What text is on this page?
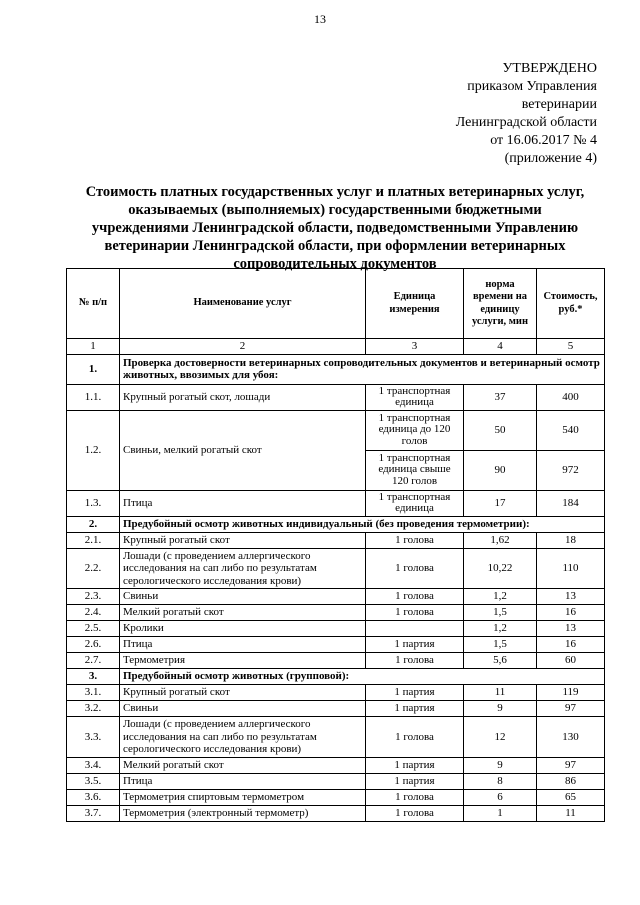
13
УТВЕРЖДЕНО
приказом Управления
ветеринарии
Ленинградской области
от 16.06.2017 № 4
(приложение 4)
Стоимость платных государственных услуг и платных ветеринарных услуг, оказываемых (выполняемых) государственными бюджетными учреждениями Ленинградской области, подведомственными Управлению ветеринарии Ленинградской области, при оформлении ветеринарных сопроводительных документов
№ п/п	Наименование услуг	Единица измерения	норма времени на единицу услуги, мин	Стоимость, руб.*
1	2	3	4	5
1.	Проверка достоверности ветеринарных сопроводительных документов и ветеринарный осмотр животных, ввозимых для убоя:			
1.1.	Крупный рогатый скот, лошади	1 транспортная единица	37	400
1.2.	Свиньи, мелкий рогатый скот	1 транспортная единица до 120 голов	50	540
		1 транспортная единица свыше 120 голов	90	972
1.3.	Птица	1 транспортная единица	17	184
2.	Предубойный осмотр животных индивидуальный (без проведения термометрии):			
2.1.	Крупный рогатый скот	1 голова	1,62	18
2.2.	Лошади (с проведением аллергического исследования на сап либо по результатам серологического исследования крови)	1 голова	10,22	110
2.3.	Свиньи	1 голова	1,2	13
2.4.	Мелкий рогатый скот	1 голова	1,5	16
2.5.	Кролики		1,2	13
2.6.	Птица	1 партия	1,5	16
2.7.	Термометрия	1 голова	5,6	60
3.	Предубойный осмотр животных (групповой):			
3.1.	Крупный рогатый скот	1 партия	11	119
3.2.	Свиньи	1 партия	9	97
3.3.	Лошади (с проведением аллергического исследования на сап либо по результатам серологического исследования крови)	1 голова	12	130
3.4.	Мелкий рогатый скот	1 партия	9	97
3.5.	Птица	1 партия	8	86
3.6.	Термометрия спиртовым термометром	1 голова	6	65
3.7.	Термометрия (электронный термометр)	1 голова	1	11
